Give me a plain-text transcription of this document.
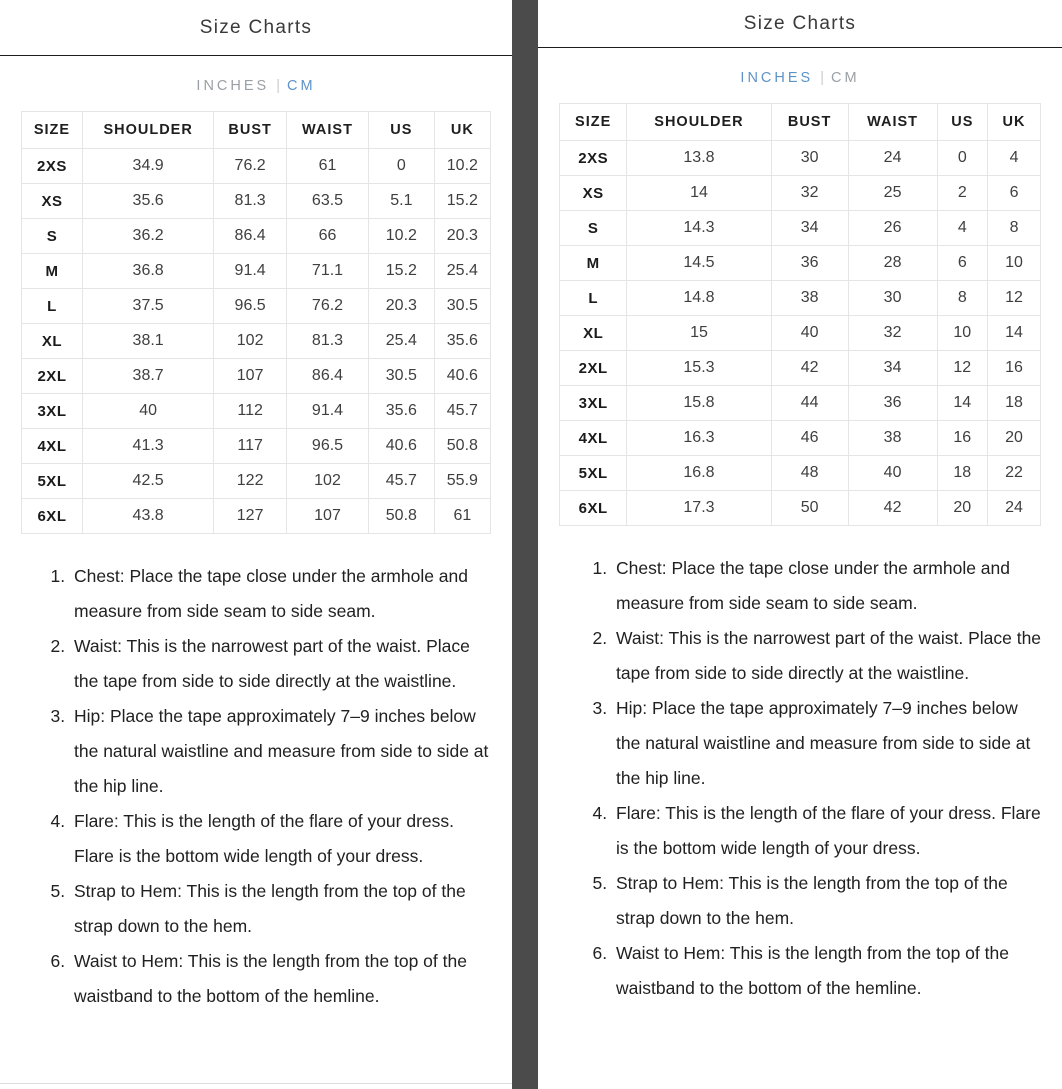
Size Charts
INCHES | CM
SIZE	SHOULDER	BUST	WAIST	US	UK
2XS	34.9	76.2	61	0	10.2
XS	35.6	81.3	63.5	5.1	15.2
S	36.2	86.4	66	10.2	20.3
M	36.8	91.4	71.1	15.2	25.4
L	37.5	96.5	76.2	20.3	30.5
XL	38.1	102	81.3	25.4	35.6
2XL	38.7	107	86.4	30.5	40.6
3XL	40	112	91.4	35.6	45.7
4XL	41.3	117	96.5	40.6	50.8
5XL	42.5	122	102	45.7	55.9
6XL	43.8	127	107	50.8	61
1. Chest: Place the tape close under the armhole and measure from side seam to side seam.
2. Waist: This is the narrowest part of the waist. Place the tape from side to side directly at the waistline.
3. Hip: Place the tape approximately 7–9 inches below the natural waistline and measure from side to side at the hip line.
4. Flare: This is the length of the flare of your dress. Flare is the bottom wide length of your dress.
5. Strap to Hem: This is the length from the top of the strap down to the hem.
6. Waist to Hem: This is the length from the top of the waistband to the bottom of the hemline.
Size Charts
INCHES | CM
SIZE	SHOULDER	BUST	WAIST	US	UK
2XS	13.8	30	24	0	4
XS	14	32	25	2	6
S	14.3	34	26	4	8
M	14.5	36	28	6	10
L	14.8	38	30	8	12
XL	15	40	32	10	14
2XL	15.3	42	34	12	16
3XL	15.8	44	36	14	18
4XL	16.3	46	38	16	20
5XL	16.8	48	40	18	22
6XL	17.3	50	42	20	24
1. Chest: Place the tape close under the armhole and measure from side seam to side seam.
2. Waist: This is the narrowest part of the waist. Place the tape from side to side directly at the waistline.
3. Hip: Place the tape approximately 7–9 inches below the natural waistline and measure from side to side at the hip line.
4. Flare: This is the length of the flare of your dress. Flare is the bottom wide length of your dress.
5. Strap to Hem: This is the length from the top of the strap down to the hem.
6. Waist to Hem: This is the length from the top of the waistband to the bottom of the hemline.
